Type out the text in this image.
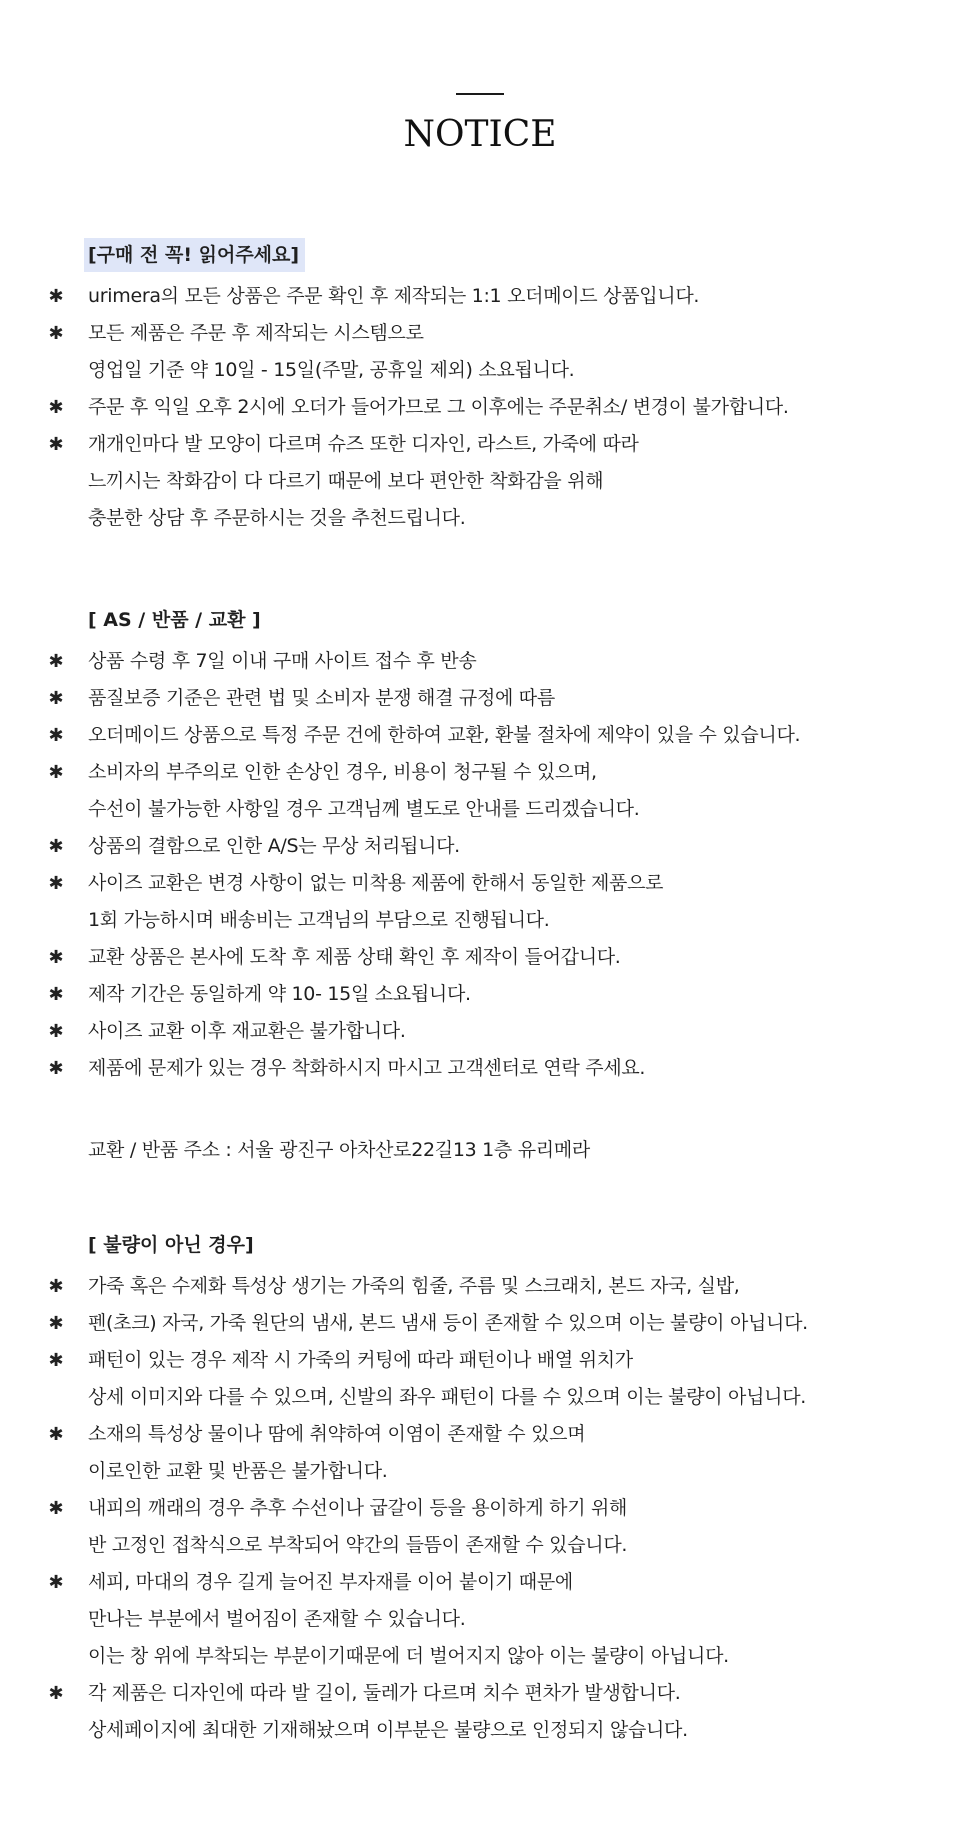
NOTICE
[구매 전 꼭! 읽어주세요]
✱ urimera의 모든 상품은 주문 확인 후 제작되는 1:1 오더메이드 상품입니다.
✱ 모든 제품은 주문 후 제작되는 시스템으로
영업일 기준 약 10일 - 15일(주말, 공휴일 제외) 소요됩니다.
✱ 주문 후 익일 오후 2시에 오더가 들어가므로 그 이후에는 주문취소/ 변경이 불가합니다.
✱ 개개인마다 발 모양이 다르며 슈즈 또한 디자인, 라스트, 가죽에 따라
느끼시는 착화감이 다 다르기 때문에 보다 편안한 착화감을 위해
충분한 상담 후 주문하시는 것을 추천드립니다.
[ AS / 반품 / 교환 ]
✱ 상품 수령 후 7일 이내 구매 사이트 접수 후 반송
✱ 품질보증 기준은 관련 법 및 소비자 분쟁 해결 규정에 따름
✱ 오더메이드 상품으로 특정 주문 건에 한하여 교환, 환불 절차에 제약이 있을 수 있습니다.
✱ 소비자의 부주의로 인한 손상인 경우, 비용이 청구될 수 있으며,
수선이 불가능한 사항일 경우 고객님께 별도로 안내를 드리겠습니다.
✱ 상품의 결함으로 인한 A/S는 무상 처리됩니다.
✱ 사이즈 교환은 변경 사항이 없는 미착용 제품에 한해서 동일한 제품으로
1회 가능하시며 배송비는 고객님의 부담으로 진행됩니다.
✱ 교환 상품은 본사에 도착 후 제품 상태 확인 후 제작이 들어갑니다.
✱ 제작 기간은 동일하게 약 10- 15일 소요됩니다.
✱ 사이즈 교환 이후 재교환은 불가합니다.
✱ 제품에 문제가 있는 경우 착화하시지 마시고 고객센터로 연락 주세요.
교환 / 반품 주소 : 서울 광진구 아차산로22길13 1층 유리메라
[ 불량이 아닌 경우]
✱ 가죽 혹은 수제화 특성상 생기는 가죽의 힘줄, 주름 및 스크래치, 본드 자국, 실밥,
✱ 펜(초크) 자국, 가죽 원단의 냄새, 본드 냄새 등이 존재할 수 있으며 이는 불량이 아닙니다.
✱ 패턴이 있는 경우 제작 시 가죽의 커팅에 따라 패턴이나 배열 위치가
상세 이미지와 다를 수 있으며, 신발의 좌우 패턴이 다를 수 있으며 이는 불량이 아닙니다.
✱ 소재의 특성상 물이나 땀에 취약하여 이염이 존재할 수 있으며
이로인한 교환 및 반품은 불가합니다.
✱ 내피의 깨래의 경우 추후 수선이나 굽갈이 등을 용이하게 하기 위해
반 고정인 접착식으로 부착되어 약간의 들뜸이 존재할 수 있습니다.
✱ 세피, 마대의 경우 길게 늘어진 부자재를 이어 붙이기 때문에
만나는 부분에서 벌어짐이 존재할 수 있습니다.
이는 창 위에 부착되는 부분이기때문에 더 벌어지지 않아 이는 불량이 아닙니다.
✱ 각 제품은 디자인에 따라 발 길이, 둘레가 다르며 치수 편차가 발생합니다.
상세페이지에 최대한 기재해놨으며 이부분은 불량으로 인정되지 않습니다.
